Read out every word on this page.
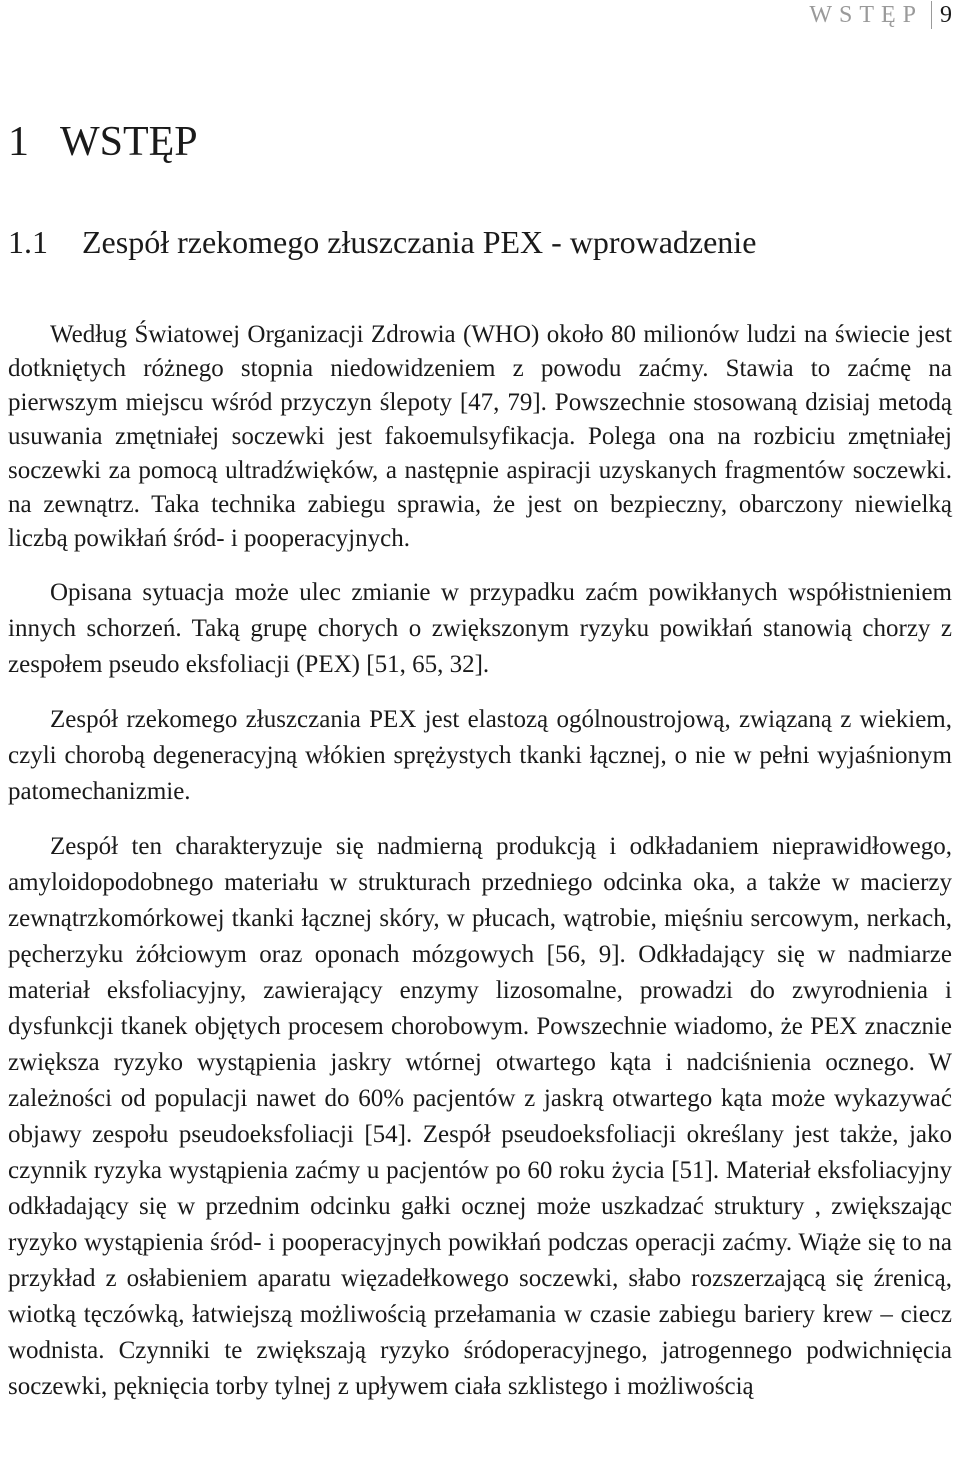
WSTĘP 9
1 WSTĘP
1.1 Zespół rzekomego złuszczania PEX - wprowadzenie

Według Światowej Organizacji Zdrowia (WHO) około 80 milionów ludzi na świecie jest dotkniętych różnego stopnia niedowidzeniem z powodu zaćmy. Stawia to zaćmę na pierwszym miejscu wśród przyczyn ślepoty [47, 79]. Powszechnie stosowaną dzisiaj metodą usuwania zmętniałej soczewki jest fakoemulsyfikacja. Polega ona na rozbiciu zmętniałej soczewki za pomocą ultradźwięków, a następnie aspiracji uzyskanych fragmentów soczewki. na zewnątrz. Taka technika zabiegu sprawia, że jest on bezpieczny, obarczony niewielką liczbą powikłań śród- i pooperacyjnych.

Opisana sytuacja może ulec zmianie w przypadku zaćm powikłanych współistnieniem innych schorzeń. Taką grupę chorych o zwiększonym ryzyku powikłań stanowią chorzy z zespołem pseudo eksfoliacji (PEX) [51, 65, 32].

Zespół rzekomego złuszczania PEX jest elastozą ogólnoustrojową, związaną z wiekiem, czyli chorobą degeneracyjną włókien sprężystych tkanki łącznej, o nie w pełni wyjaśnionym patomechanizmie.

Zespół ten charakteryzuje się nadmierną produkcją i odkładaniem nieprawidłowego, amyloidopodobnego materiału w strukturach przedniego odcinka oka, a także w macierzy zewnątrzkomórkowej tkanki łącznej skóry, w płucach, wątrobie, mięśniu sercowym, nerkach, pęcherzyku żółciowym oraz oponach mózgowych [56, 9]. Odkładający się w nadmiarze materiał eksfoliacyjny, zawierający enzymy lizosomalne, prowadzi do zwyrodnienia i dysfunkcji tkanek objętych procesem chorobowym. Powszechnie wiadomo, że PEX znacznie zwiększa ryzyko wystąpienia jaskry wtórnej otwartego kąta i nadciśnienia ocznego. W zależności od populacji nawet do 60% pacjentów z jaskrą otwartego kąta może wykazywać objawy zespołu pseudoeksfoliacji [54]. Zespół pseudoeksfoliacji określany jest także, jako czynnik ryzyka wystąpienia zaćmy u pacjentów po 60 roku życia [51]. Materiał eksfoliacyjny odkładający się w przednim odcinku gałki ocznej może uszkadzać struktury , zwiększając ryzyko wystąpienia śród- i pooperacyjnych powikłań podczas operacji zaćmy. Wiąże się to na przykład z osłabieniem aparatu więzadełkowego soczewki, słabo rozszerzającą się źrenicą, wiotką tęczówką, łatwiejszą możliwością przełamania w czasie zabiegu bariery krew – ciecz wodnista. Czynniki te zwiększają ryzyko śródoperacyjnego, jatrogennego podwichnięcia soczewki, pęknięcia torby tylnej z upływem ciała szklistego i możliwością
